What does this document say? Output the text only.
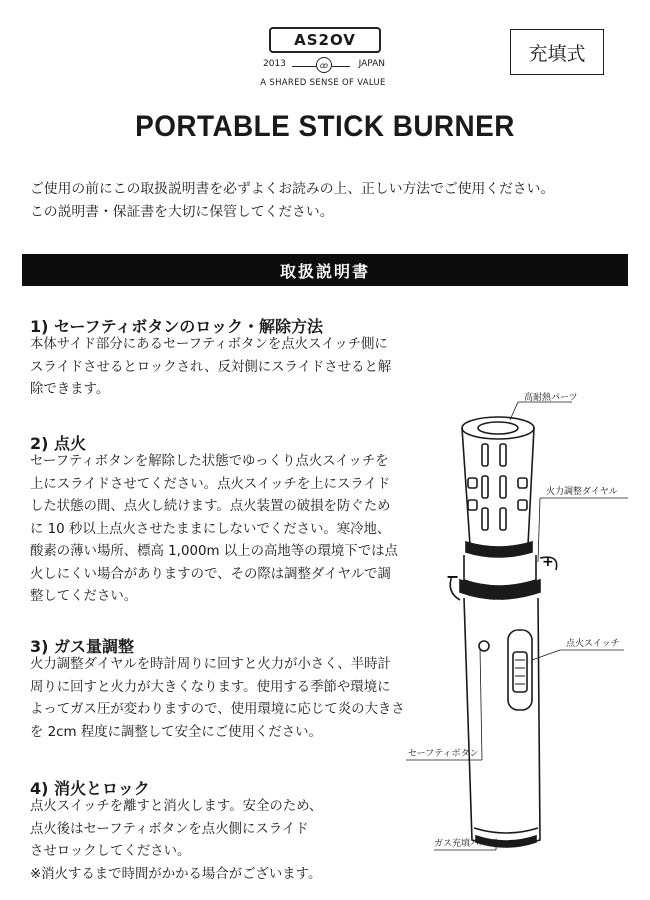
AS2OV
2013	ꝏ	JAPAN
A SHARED SENSE OF VALUE
充填式
PORTABLE STICK BURNER
ご使用の前にこの取扱説明書を必ずよくお読みの上、正しい方法でご使用ください。
この説明書・保証書を大切に保管してください。
取扱説明書
1) セーフティボタンのロック・解除方法

本体サイド部分にあるセーフティボタンを点火スイッチ側に

スライドさせるとロックされ、反対側にスライドさせると解

除できます。

2) 点火

セーフティボタンを解除した状態でゆっくり点火スイッチを

上にスライドさせてください。点火スイッチを上にスライド

した状態の間、点火し続けます。点火装置の破損を防ぐため

に 10 秒以上点火させたままにしないでください。寒冷地、

酸素の薄い場所、標高 1,000m 以上の高地等の環境下では点

火しにくい場合がありますので、その際は調整ダイヤルで調

整してください。

3) ガス量調整

火力調整ダイヤルを時計周りに回すと火力が小さく、半時計

周りに回すと火力が大きくなります。使用する季節や環境に

よってガス圧が変わりますので、使用環境に応じて炎の大きさ

を 2cm 程度に調整して安全にご使用ください。

4) 消火とロック

点火スイッチを離すと消火します。安全のため、

点火後はセーフティボタンを点火側にスライド

させロックしてください。

※消火するまで時間がかかる場合がございます。

−
+
高耐熱パーツ
火力調整ダイヤル
点火スイッチ
セーフティボタン
ガス充填バルブ
